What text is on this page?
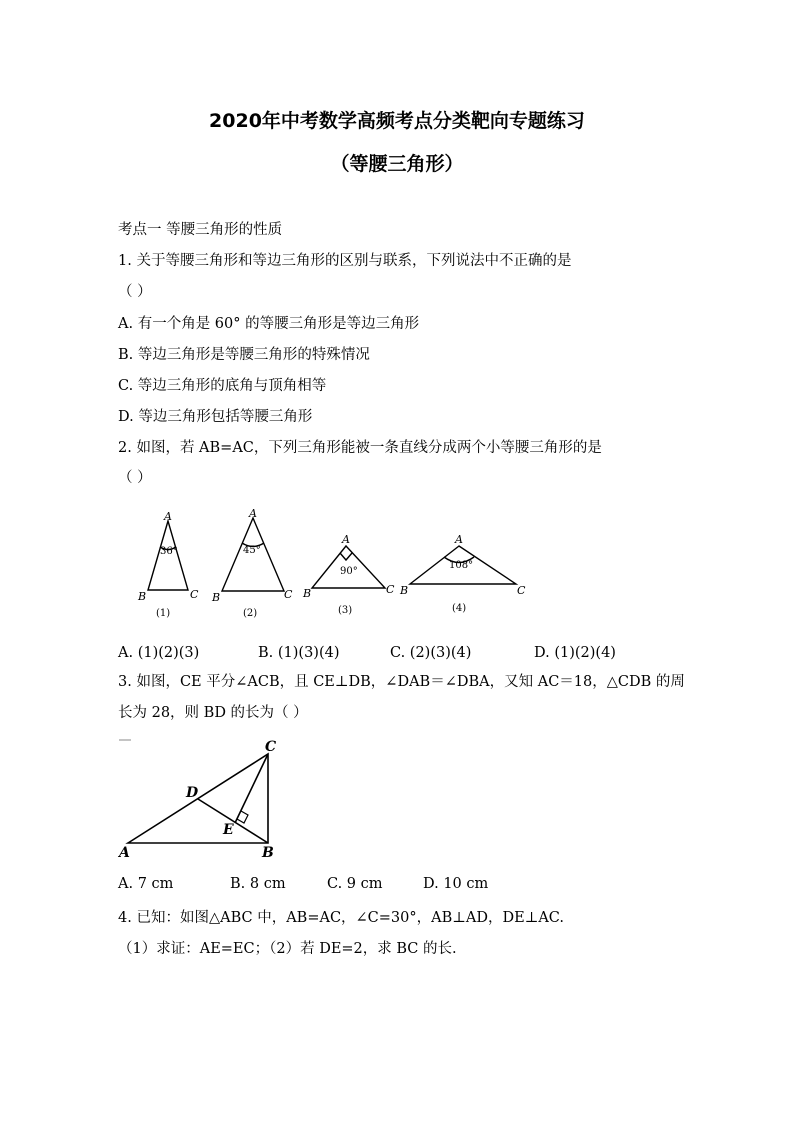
2020年中考数学高频考点分类靶向专题练习
（等腰三角形）
考点一 等腰三角形的性质
1. 关于等腰三角形和等边三角形的区别与联系，下列说法中不正确的是
（ ）
A. 有一个角是 60° 的等腰三角形是等边三角形
B. 等边三角形是等腰三角形的特殊情况
C. 等边三角形的底角与顶角相等
D. 等边三角形包括等腰三角形
2. 如图，若 AB=AC，下列三角形能被一条直线分成两个小等腰三角形的是
（ ）
A
B	C
36°
(1)
A
B	C
45°
(2)
A
B	C
90°
(3)
A
B	C
108°
(4)
A. (1)(2)(3)	B. (1)(3)(4)	C. (2)(3)(4)	D. (1)(2)(4)
3. 如图，CE 平分∠ACB，且 CE⊥DB，∠DAB＝∠DBA，又知 AC＝18，△CDB 的周
长为 28，则 BD 的长为（ ）
A	B
C
D
E
A. 7 cm	B. 8 cm	C. 9 cm	D. 10 cm
4. 已知：如图△ABC 中，AB=AC，∠C=30°，AB⊥AD，DE⊥AC.
（1）求证：AE=EC；（2）若 DE=2，求 BC 的长.
